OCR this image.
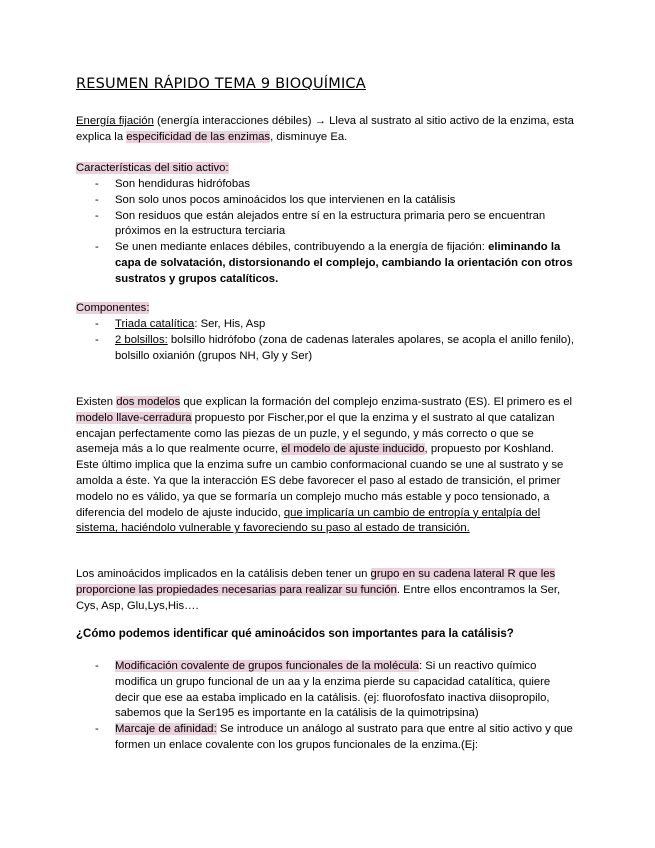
RESUMEN RÁPIDO TEMA 9 BIOQUÍMICA
Energía fijación (energía interacciones débiles) → Lleva al sustrato al sitio activo de la enzima, esta explica la especificidad de las enzimas, disminuye Ea.
Características del sitio activo:
- Son hendiduras hidrófobas
- Son solo unos pocos aminoácidos los que intervienen en la catálisis
- Son residuos que están alejados entre sí en la estructura primaria pero se encuentran próximos en la estructura terciaria
- Se unen mediante enlaces débiles, contribuyendo a la energía de fijación: eliminando la capa de solvatación, distorsionando el complejo, cambiando la orientación con otros sustratos y grupos catalíticos.
Componentes:
- Triada catalítica: Ser, His, Asp
- 2 bolsillos: bolsillo hidrófobo (zona de cadenas laterales apolares, se acopla el anillo fenilo), bolsillo oxianión (grupos NH, Gly y Ser)
Existen dos modelos que explican la formación del complejo enzima-sustrato (ES). El primero es el modelo llave-cerradura propuesto por Fischer,por el que la enzima y el sustrato al que catalizan encajan perfectamente como las piezas de un puzle, y el segundo, y más correcto o que se asemeja más a lo que realmente ocurre, el modelo de ajuste inducido, propuesto por Koshland. Este último implica que la enzima sufre un cambio conformacional cuando se une al sustrato y se amolda a éste. Ya que la interacción ES debe favorecer el paso al estado de transición, el primer modelo no es válido, ya que se formaría un complejo mucho más estable y poco tensionado, a diferencia del modelo de ajuste inducido, que implicaría un cambio de entropía y entalpía del sistema, haciéndolo vulnerable y favoreciendo su paso al estado de transición.
Los aminoácidos implicados en la catálisis deben tener un grupo en su cadena lateral R que les proporcione las propiedades necesarias para realizar su función. Entre ellos encontramos la Ser, Cys, Asp, Glu,Lys,His….
¿Cómo podemos identificar qué aminoácidos son importantes para la catálisis?
- Modificación covalente de grupos funcionales de la molécula: Si un reactivo químico modifica un grupo funcional de un aa y la enzima pierde su capacidad catalítica, quiere decir que ese aa estaba implicado en la catálisis. (ej: fluorofosfato inactiva diisopropilo, sabemos que la Ser195 es importante en la catálisis de la quimotripsina)
- Marcaje de afinidad: Se introduce un análogo al sustrato para que entre al sitio activo y que formen un enlace covalente con los grupos funcionales de la enzima.(Ej:
